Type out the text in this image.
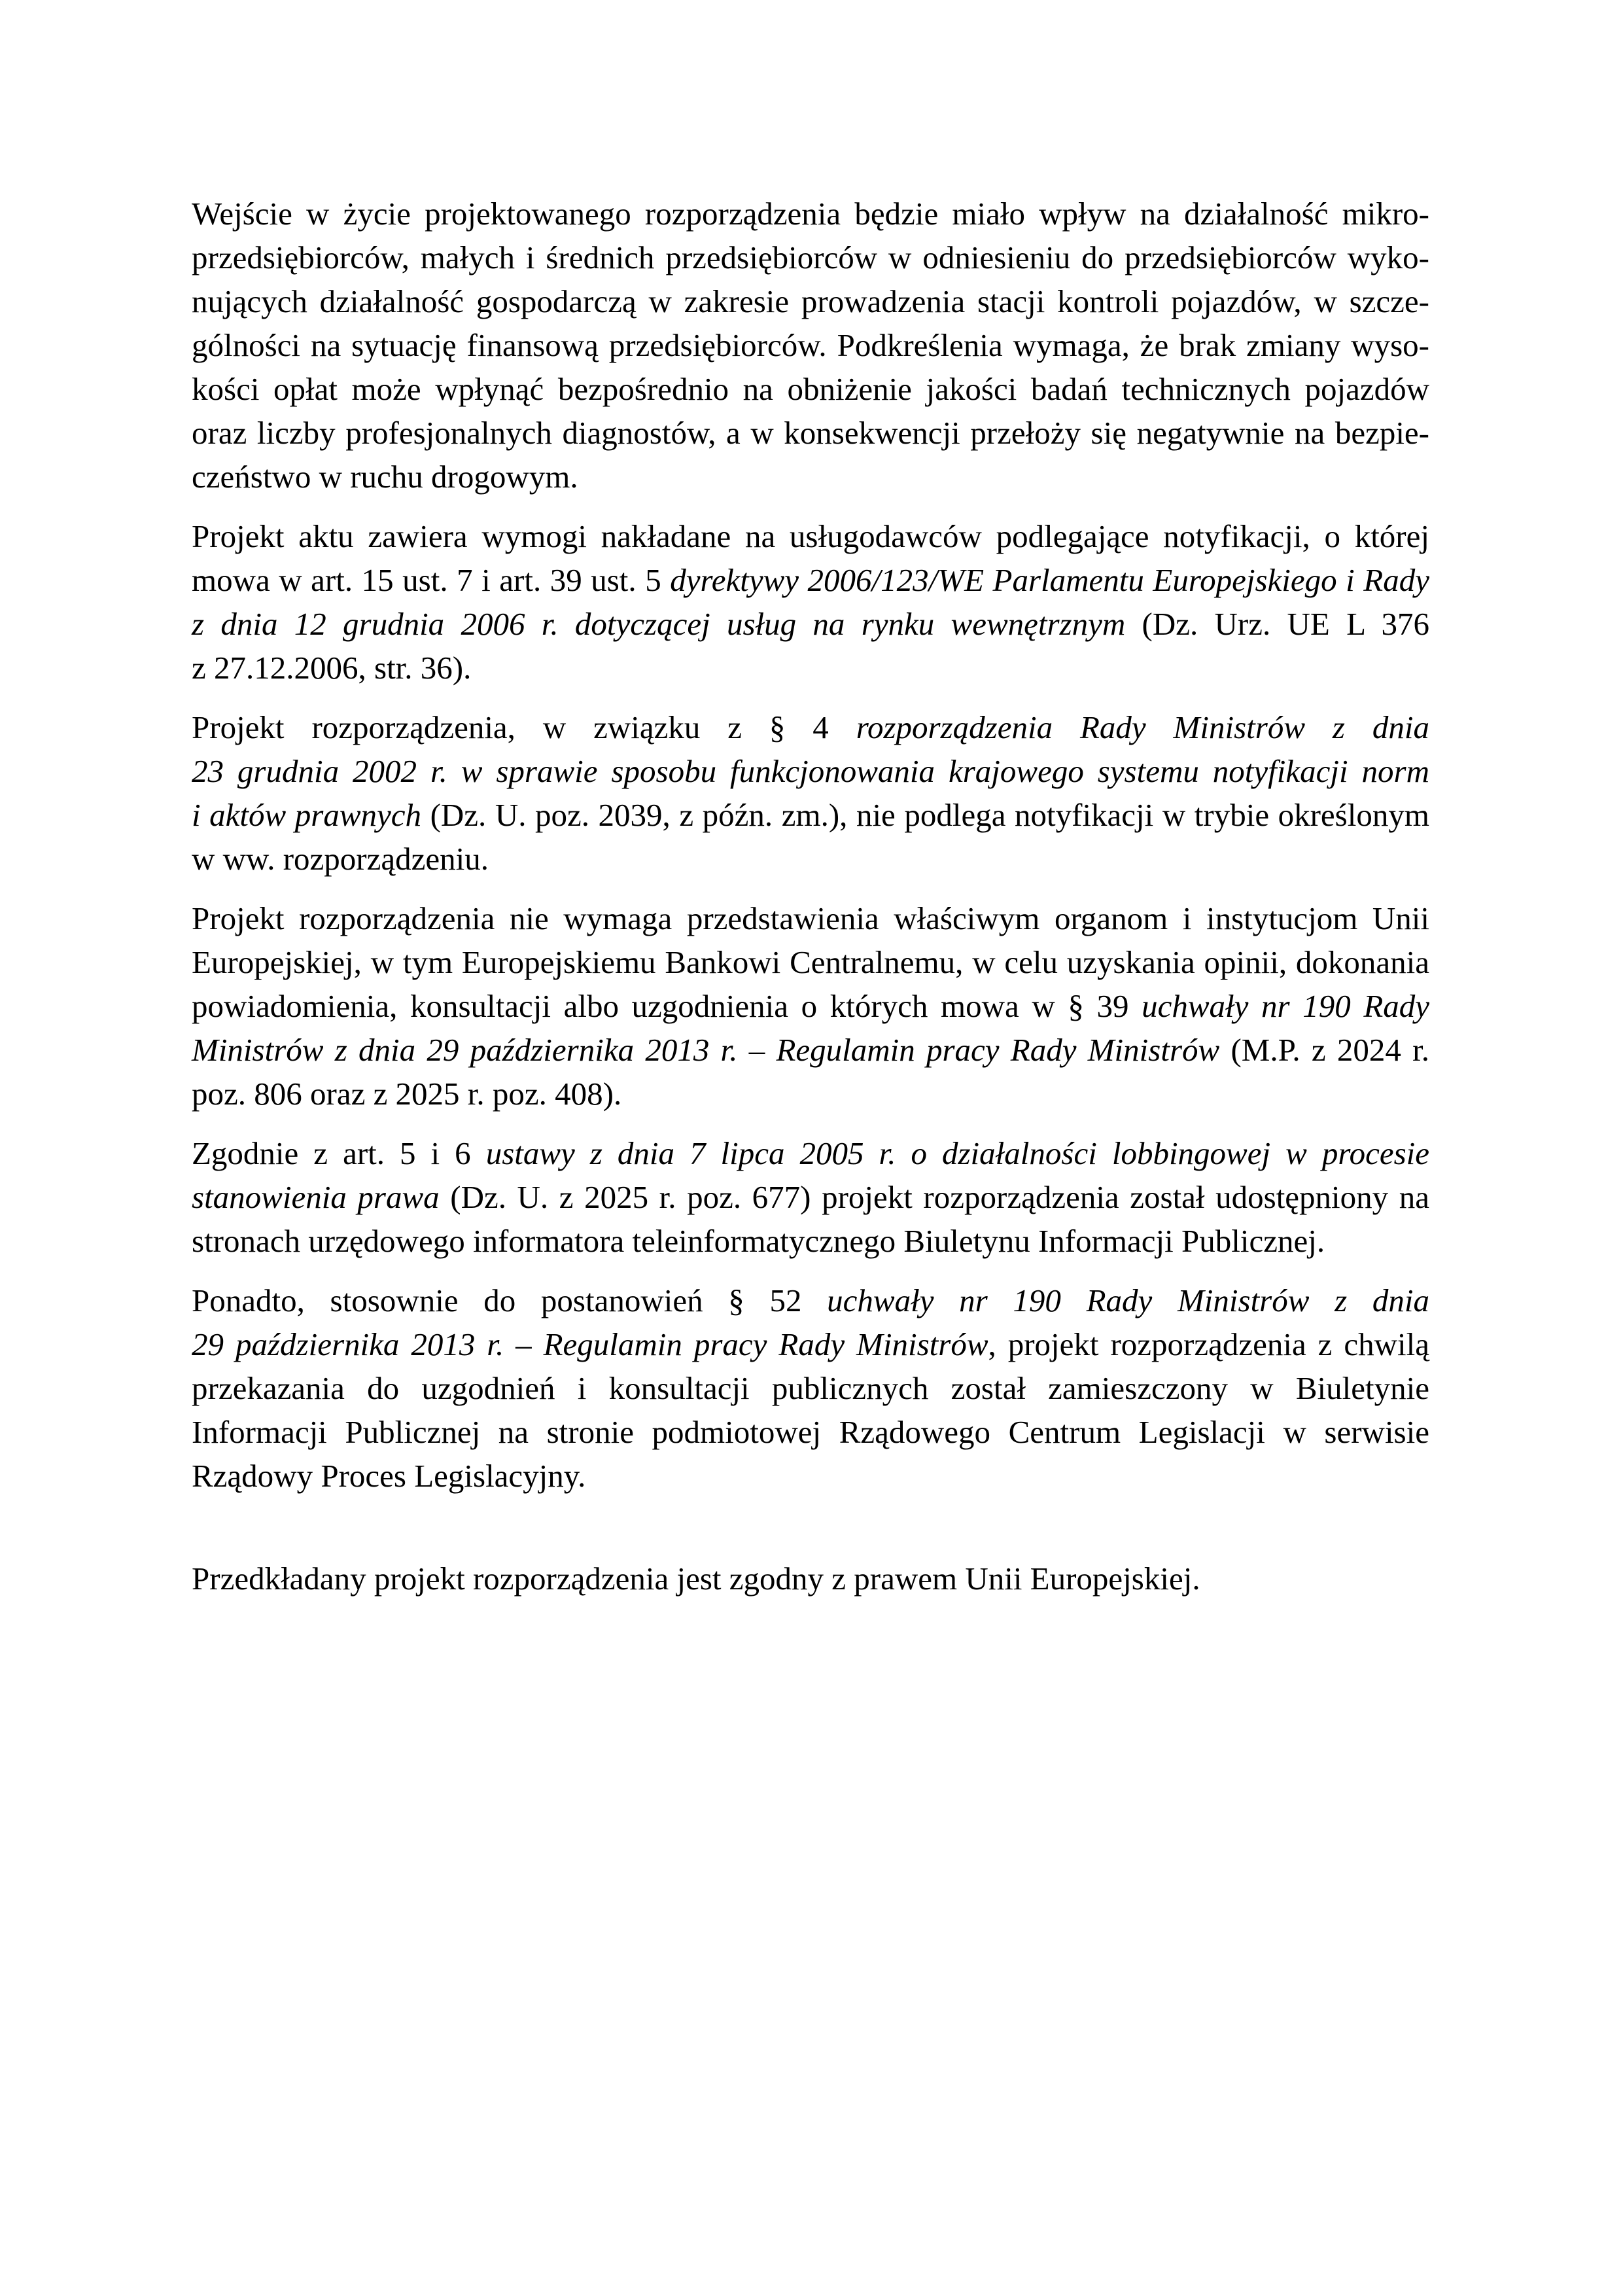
Wejście w życie projektowanego rozporządzenia będzie miało wpływ na działalność mikro-
przedsiębiorców, małych i średnich przedsiębiorców w odniesieniu do przedsiębiorców wyko-
nujących działalność gospodarczą w zakresie prowadzenia stacji kontroli pojazdów, w szcze-
gólności na sytuację finansową przedsiębiorców. Podkreślenia wymaga, że brak zmiany wyso-
kości opłat może wpłynąć bezpośrednio na obniżenie jakości badań technicznych pojazdów
oraz liczby profesjonalnych diagnostów, a w konsekwencji przełoży się negatywnie na bezpie-
czeństwo w ruchu drogowym.
Projekt aktu zawiera wymogi nakładane na usługodawców podlegające notyfikacji, o której
mowa w art. 15 ust. 7 i art. 39 ust. 5 dyrektywy 2006/123/WE Parlamentu Europejskiego i Rady
z dnia 12 grudnia 2006 r. dotyczącej usług na rynku wewnętrznym (Dz. Urz. UE L 376
z 27.12.2006, str. 36).
Projekt rozporządzenia, w związku z § 4 rozporządzenia Rady Ministrów z dnia
23 grudnia 2002 r. w sprawie sposobu funkcjonowania krajowego systemu notyfikacji norm
i aktów prawnych (Dz. U. poz. 2039, z późn. zm.), nie podlega notyfikacji w trybie określonym
w ww. rozporządzeniu.
Projekt rozporządzenia nie wymaga przedstawienia właściwym organom i instytucjom Unii
Europejskiej, w tym Europejskiemu Bankowi Centralnemu, w celu uzyskania opinii, dokonania
powiadomienia, konsultacji albo uzgodnienia o których mowa w § 39 uchwały nr 190 Rady
Ministrów z dnia 29 października 2013 r. – Regulamin pracy Rady Ministrów (M.P. z 2024 r.
poz. 806 oraz z 2025 r. poz. 408).
Zgodnie z art. 5 i 6 ustawy z dnia 7 lipca 2005 r. o działalności lobbingowej w procesie
stanowienia prawa (Dz. U. z 2025 r. poz. 677) projekt rozporządzenia został udostępniony na
stronach urzędowego informatora teleinformatycznego Biuletynu Informacji Publicznej.
Ponadto, stosownie do postanowień § 52 uchwały nr 190 Rady Ministrów z dnia
29 października 2013 r. – Regulamin pracy Rady Ministrów, projekt rozporządzenia z chwilą
przekazania do uzgodnień i konsultacji publicznych został zamieszczony w Biuletynie
Informacji Publicznej na stronie podmiotowej Rządowego Centrum Legislacji w serwisie
Rządowy Proces Legislacyjny.
Przedkładany projekt rozporządzenia jest zgodny z prawem Unii Europejskiej.
